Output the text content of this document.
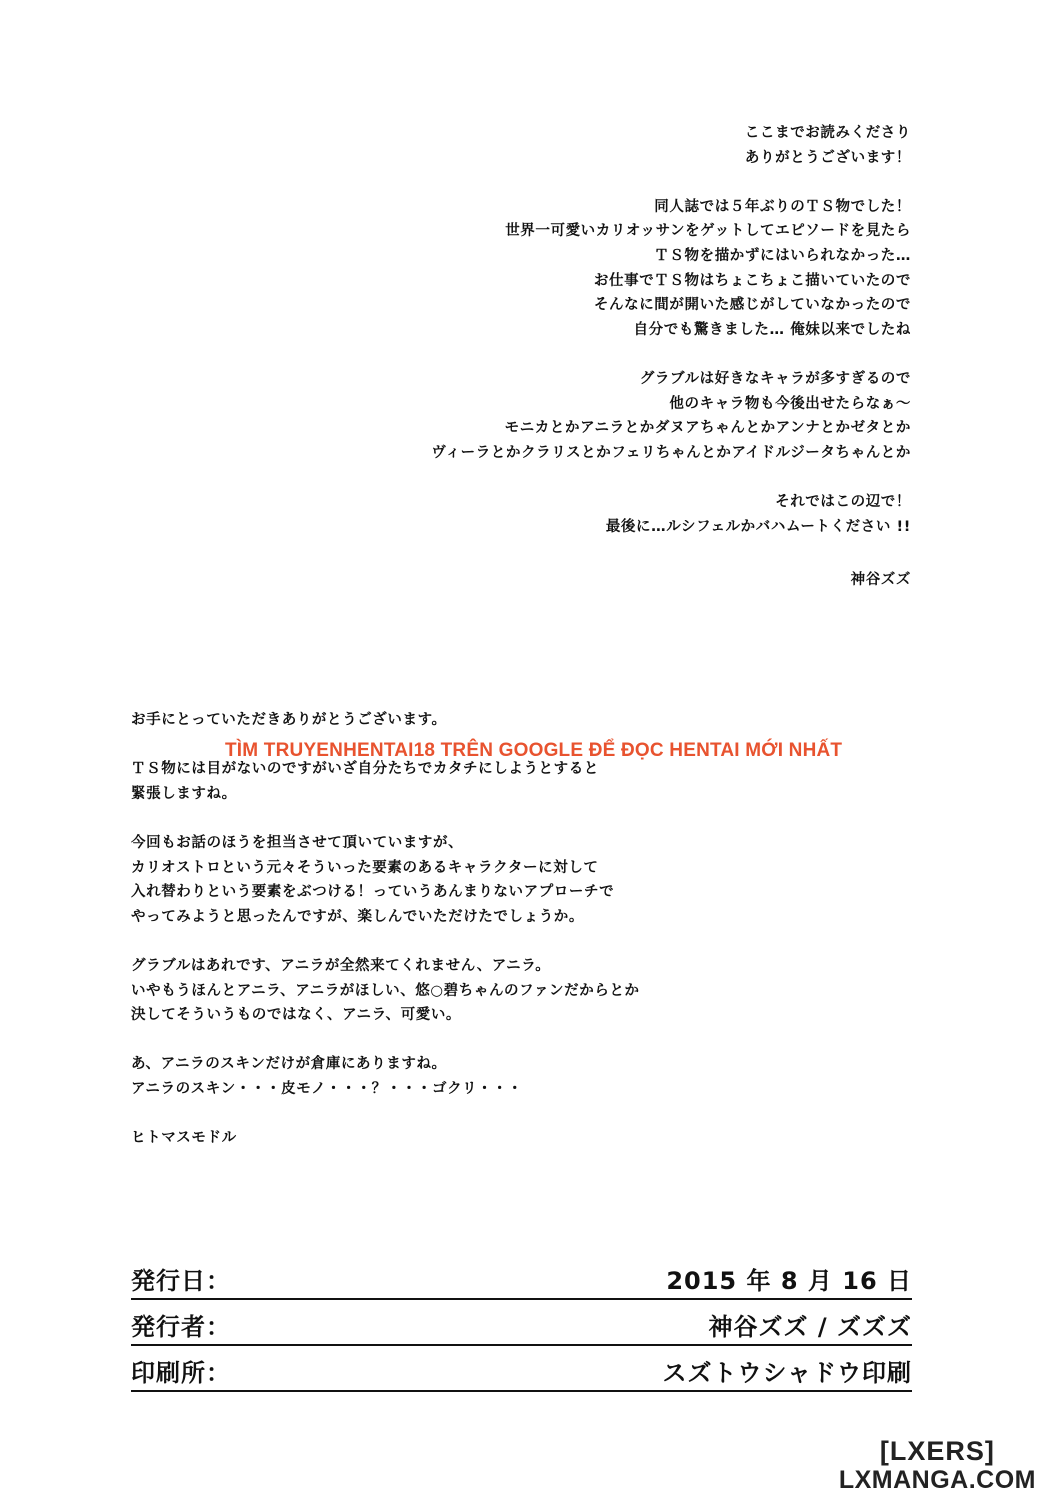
ここまでお読みくださり
ありがとうございます！
同人誌では５年ぶりのＴＳ物でした！
世界一可愛いカリオッサンをゲットしてエピソードを見たら
ＴＳ物を描かずにはいられなかった…
お仕事でＴＳ物はちょこちょこ描いていたので
そんなに間が開いた感じがしていなかったので
自分でも驚きました… 俺妹以来でしたね
グラブルは好きなキャラが多すぎるので
他のキャラ物も今後出せたらなぁ～
モニカとかアニラとかダヌアちゃんとかアンナとかゼタとか
ヴィーラとかクラリスとかフェリちゃんとかアイドルジータちゃんとか
それではこの辺で！
最後に…ルシフェルかバハムートください !!
神谷ズズ
お手にとっていただきありがとうございます。
ＴＳ物には目がないのですがいざ自分たちでカタチにしようとすると
緊張しますね。
今回もお話のほうを担当させて頂いていますが、
カリオストロという元々そういった要素のあるキャラクターに対して
入れ替わりという要素をぶつける！っていうあんまりないアプローチで
やってみようと思ったんですが、楽しんでいただけたでしょうか。
グラブルはあれです、アニラが全然来てくれません、アニラ。
いやもうほんとアニラ、アニラがほしい、悠○碧ちゃんのファンだからとか
決してそういうものではなく、アニラ、可愛い。
あ、アニラのスキンだけが倉庫にありますね。
アニラのスキン・・・皮モノ・・・？・・・ゴクリ・・・
ヒトマスモドル
TÌM TRUYENHENTAI18 TRÊN GOOGLE ĐỂ ĐỌC HENTAI MỚI NHẤT
発行日：	2015 年 8 月 16 日
発行者：	神谷ズズ / ズズズ
印刷所：	スズトウシャドウ印刷
[LXERS]
LXMANGA.COM
